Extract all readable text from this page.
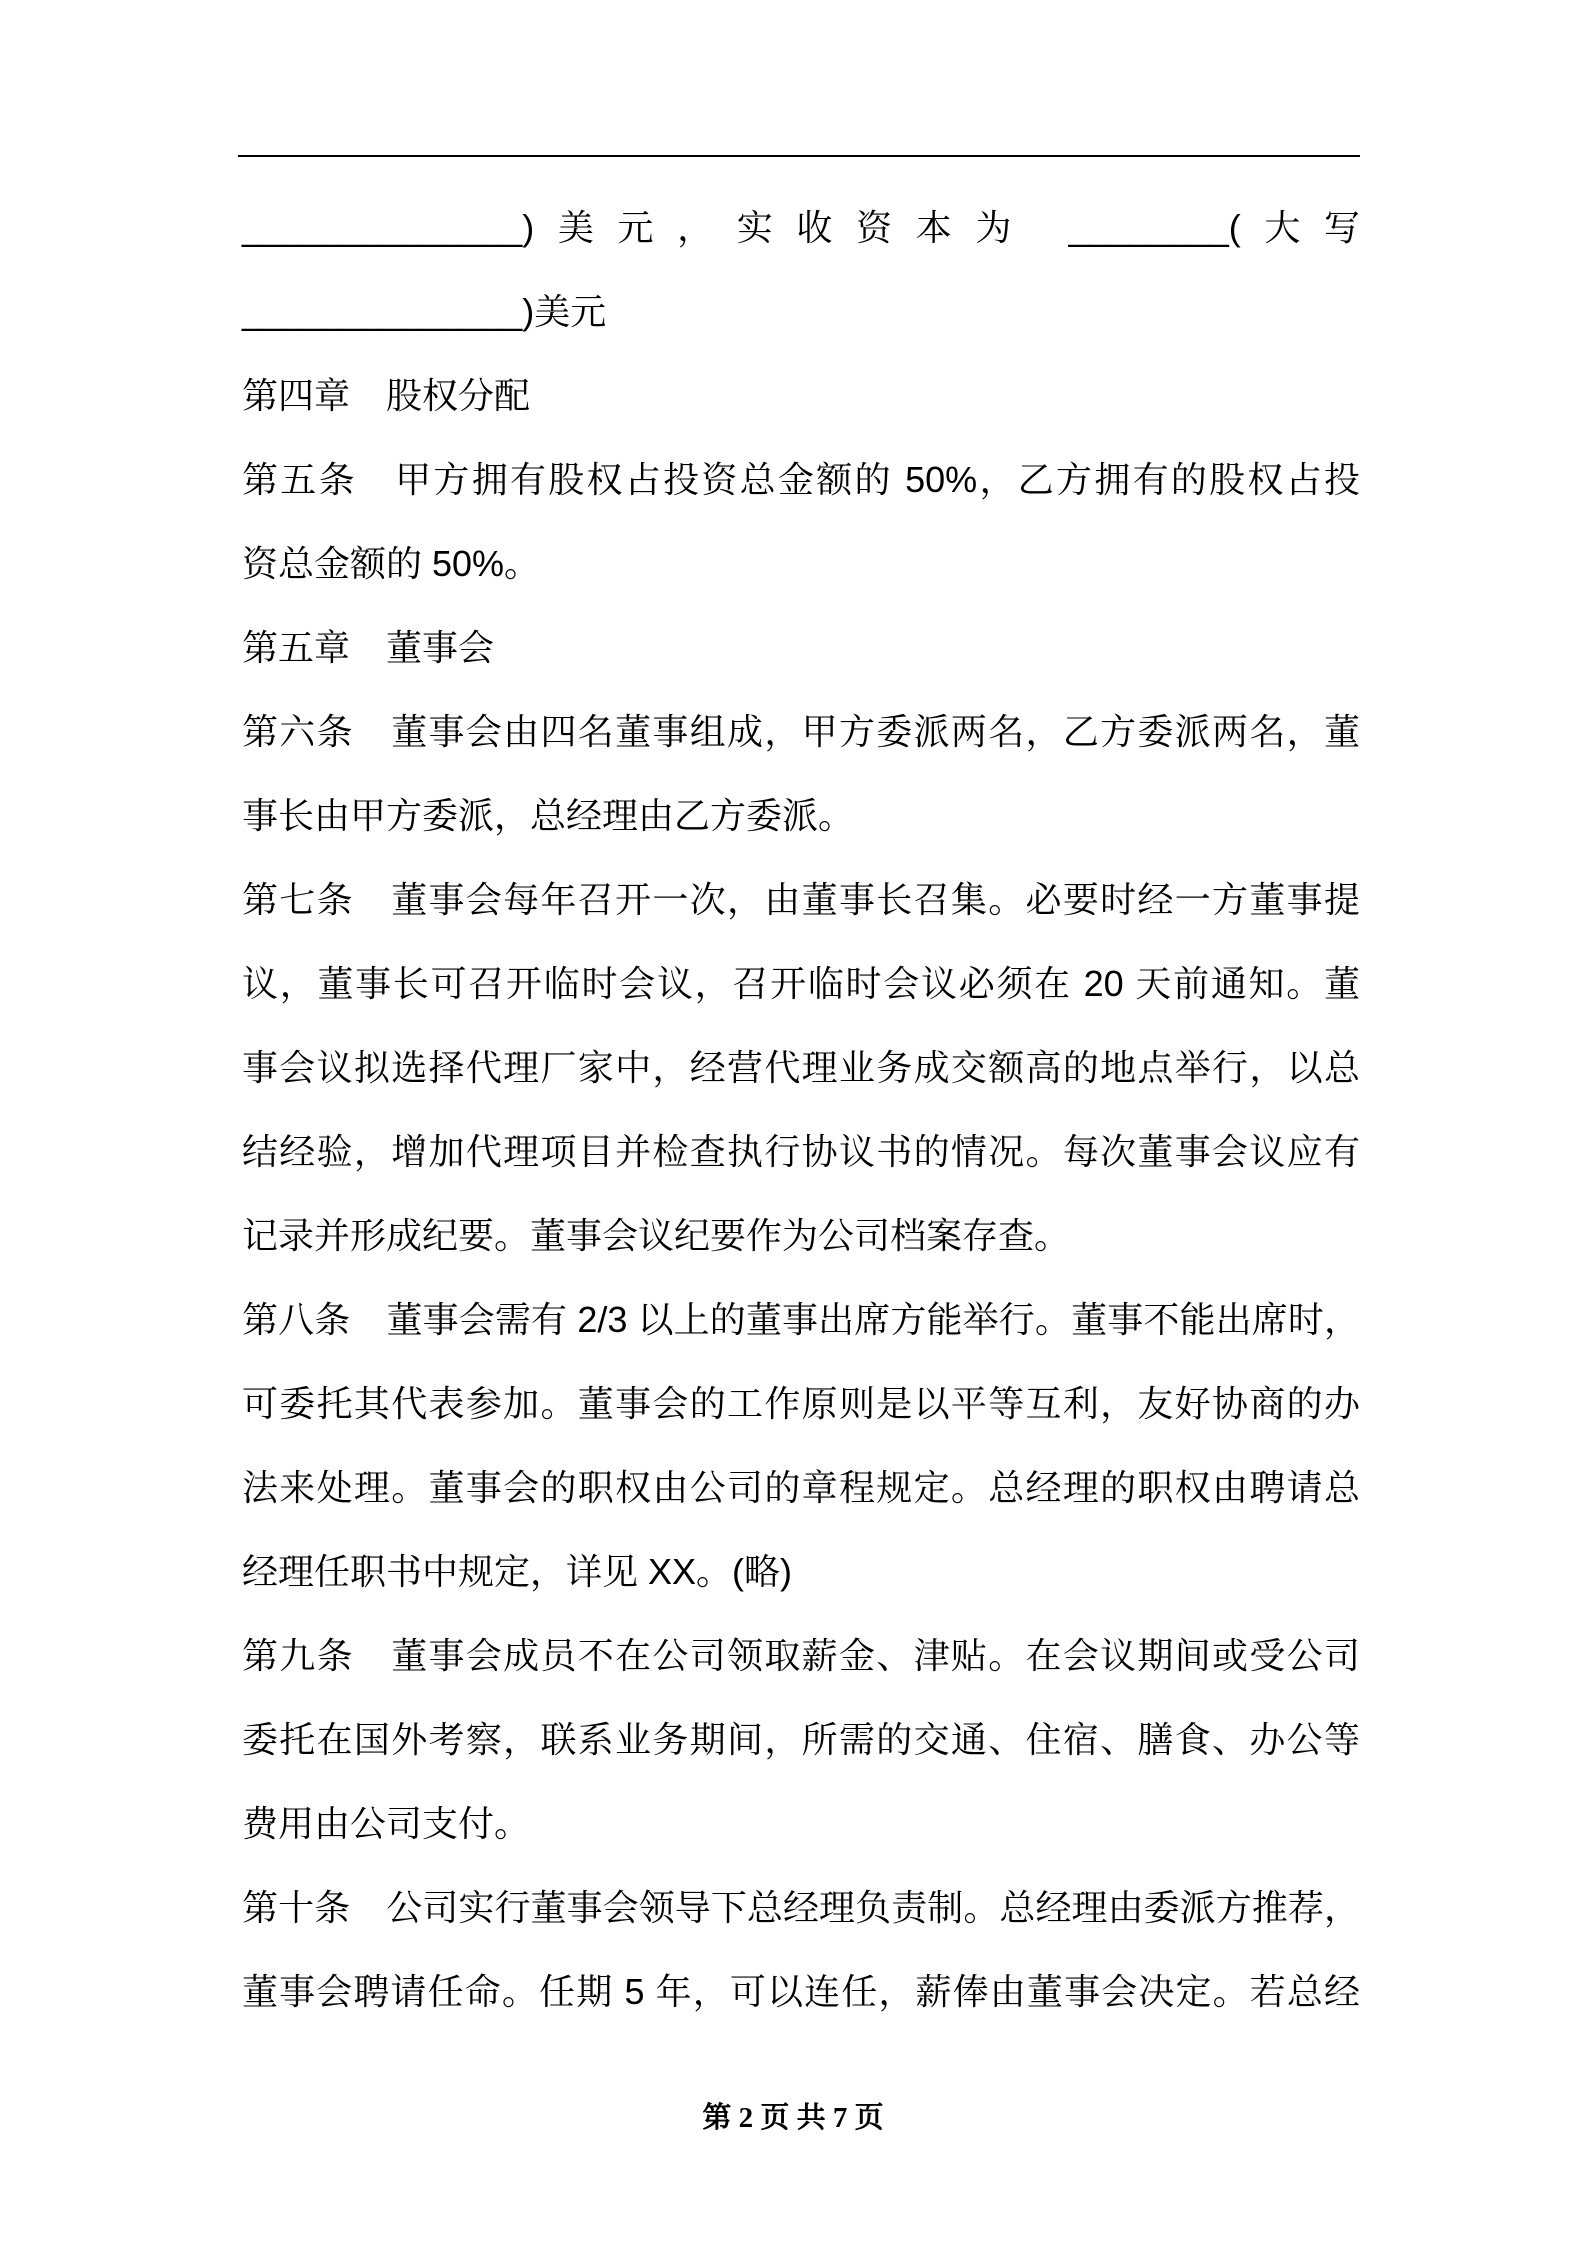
______________)美元，实收资本为 ________(大写
______________)美元
第四章　股权分配
第五条　甲方拥有股权占投资总金额的 50%，乙方拥有的股权占投
资总金额的 50%。
第五章　董事会
第六条　董事会由四名董事组成，甲方委派两名，乙方委派两名，董
事长由甲方委派，总经理由乙方委派。
第七条　董事会每年召开一次，由董事长召集。必要时经一方董事提
议，董事长可召开临时会议，召开临时会议必须在 20 天前通知。董
事会议拟选择代理厂家中，经营代理业务成交额高的地点举行，以总
结经验，增加代理项目并检查执行协议书的情况。每次董事会议应有
记录并形成纪要。董事会议纪要作为公司档案存查。
第八条　董事会需有 2/3 以上的董事出席方能举行。董事不能出席时，
可委托其代表参加。董事会的工作原则是以平等互利，友好协商的办
法来处理。董事会的职权由公司的章程规定。总经理的职权由聘请总
经理任职书中规定，详见 XX。(略)
第九条　董事会成员不在公司领取薪金、津贴。在会议期间或受公司
委托在国外考察，联系业务期间，所需的交通、住宿、膳食、办公等
费用由公司支付。
第十条　公司实行董事会领导下总经理负责制。总经理由委派方推荐，
董事会聘请任命。任期 5 年，可以连任，薪俸由董事会决定。若总经
第 2 页 共 7 页
